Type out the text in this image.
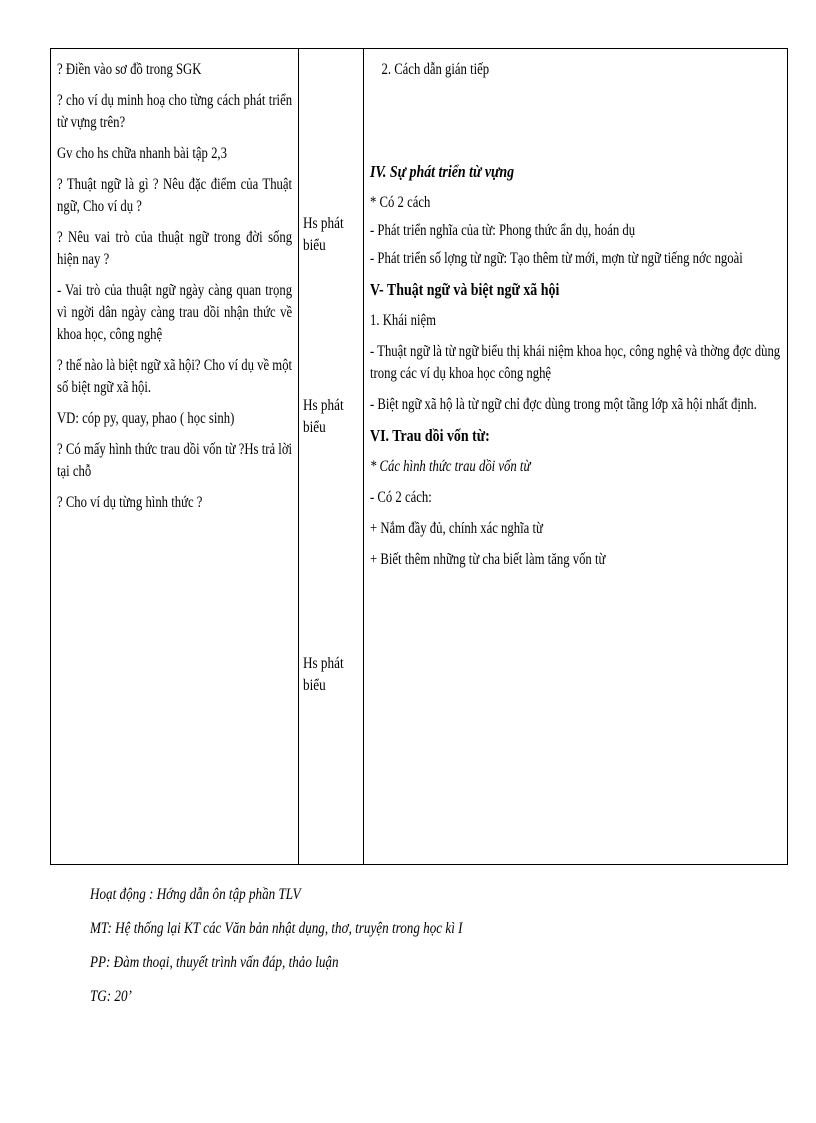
? Điền vào sơ đồ trong SGK
? cho ví dụ minh hoạ cho từng cách phát triển từ vựng trên?
Gv cho hs chữa nhanh bài tập 2,3
? Thuật ngữ là gì ? Nêu đặc điểm của Thuật ngữ, Cho ví dụ ?
? Nêu vai trò của thuật ngữ trong đời sống hiện nay ?
- Vai trò của thuật ngữ ngày càng quan trọng vì ngời dân ngày càng trau dồi nhận thức về khoa học, công nghệ
? thế nào là biệt ngữ xã hội? Cho ví dụ về một số biệt ngữ xã hội.
VD: cóp py, quay, phao ( học sinh)
? Có mấy hình thức trau dồi vốn từ ?Hs trả lời tại chỗ
? Cho ví dụ từng hình thức ?
Hs phát biểu
Hs phát biểu
Hs phát biểu
2. Cách dẫn gián tiếp
IV. Sự phát triển từ vựng
* Có 2 cách
- Phát triển nghĩa của từ: Phong thức ẩn dụ, hoán dụ
- Phát triển số lợng từ ngữ: Tạo thêm từ mới, mợn từ ngữ tiếng nớc ngoài
V- Thuật ngữ và biệt ngữ xã hội
1. Khái niệm
- Thuật ngữ là từ ngữ biểu thị khái niệm khoa học, công nghệ và thờng đợc dùng trong các ví dụ khoa học công nghệ
- Biệt ngữ xã hộ là từ ngữ chỉ đợc dùng trong một tầng lớp xã hội nhất định.
VI. Trau dồi vốn từ:
* Các hình thức trau dồi vốn từ
- Có 2 cách:
+ Nắm đầy đủ, chính xác nghĩa từ
+ Biết thêm những từ cha biết làm tăng vốn từ
Hoạt động : Hớng dẫn ôn tập phần TLV
MT: Hệ thống lại KT các Văn bản nhật dụng, thơ, truyện trong học kì I
PP: Đàm thoại, thuyết trình vấn đáp, thảo luận
TG: 20’
